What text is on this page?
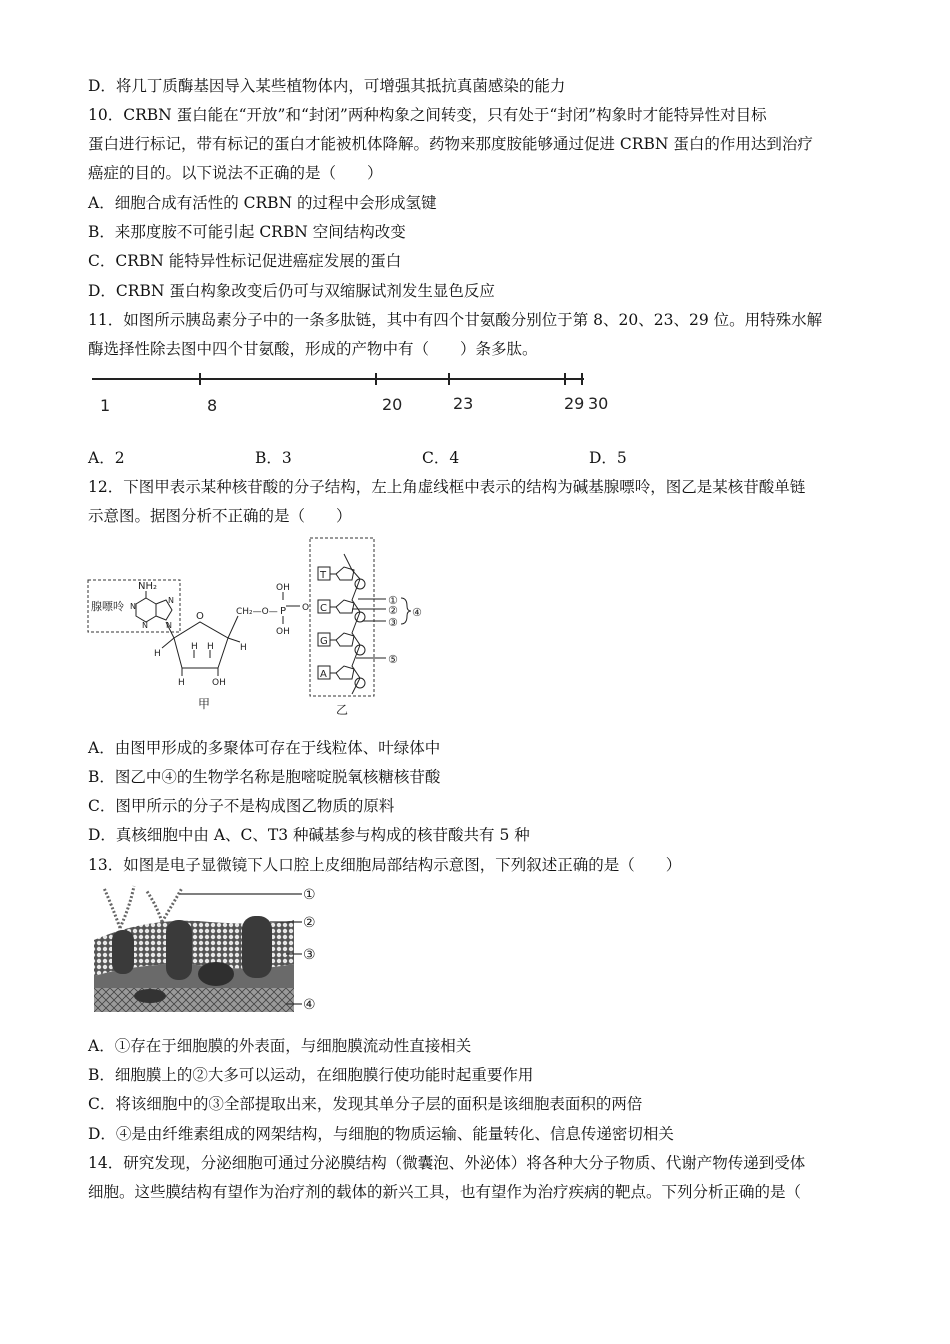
D．将几丁质酶基因导入某些植物体内，可增强其抵抗真菌感染的能力
10．CRBN 蛋白能在“开放”和“封闭”两种构象之间转变，只有处于“封闭”构象时才能特异性对目标
蛋白进行标记，带有标记的蛋白才能被机体降解。药物来那度胺能够通过促进 CRBN 蛋白的作用达到治疗
癌症的目的。以下说法不正确的是（　　）
A．细胞合成有活性的 CRBN 的过程中会形成氢键
B．来那度胺不可能引起 CRBN 空间结构改变
C．CRBN 能特异性标记促进癌症发展的蛋白
D．CRBN 蛋白构象改变后仍可与双缩脲试剂发生显色反应
11．如图所示胰岛素分子中的一条多肽链，其中有四个甘氨酸分别位于第 8、20、23、29 位。用特殊水解
酶选择性除去图中四个甘氨酸，形成的产物中有（　　）条多肽。
1	8	20	23	29 30
A．2	B．3	C．4	D．5
12．下图甲表示某种核苷酸的分子结构，左上角虚线框中表示的结构为碱基腺嘌呤，图乙是某核苷酸单链
示意图。据图分析不正确的是（　　）
腺嘌呤
NH₂
N
N
N
N
O
H
H
H
OH
H	H
CH₂—O— P O
OH
OH
甲
T
C
G
A
①
②
③
④
⑤
乙
A．由图甲形成的多聚体可存在于线粒体、叶绿体中
B．图乙中④的生物学名称是胞嘧啶脱氧核糖核苷酸
C．图甲所示的分子不是构成图乙物质的原料
D．真核细胞中由 A、C、T3 种碱基参与构成的核苷酸共有 5 种
13．如图是电子显微镜下人口腔上皮细胞局部结构示意图，下列叙述正确的是（　　）
①
②
③
④
A．①存在于细胞膜的外表面，与细胞膜流动性直接相关
B．细胞膜上的②大多可以运动，在细胞膜行使功能时起重要作用
C．将该细胞中的③全部提取出来，发现其单分子层的面积是该细胞表面积的两倍
D．④是由纤维素组成的网架结构，与细胞的物质运输、能量转化、信息传递密切相关
14．研究发现，分泌细胞可通过分泌膜结构（微囊泡、外泌体）将各种大分子物质、代谢产物传递到受体
细胞。这些膜结构有望作为治疗剂的载体的新兴工具，也有望作为治疗疾病的靶点。下列分析正确的是（
